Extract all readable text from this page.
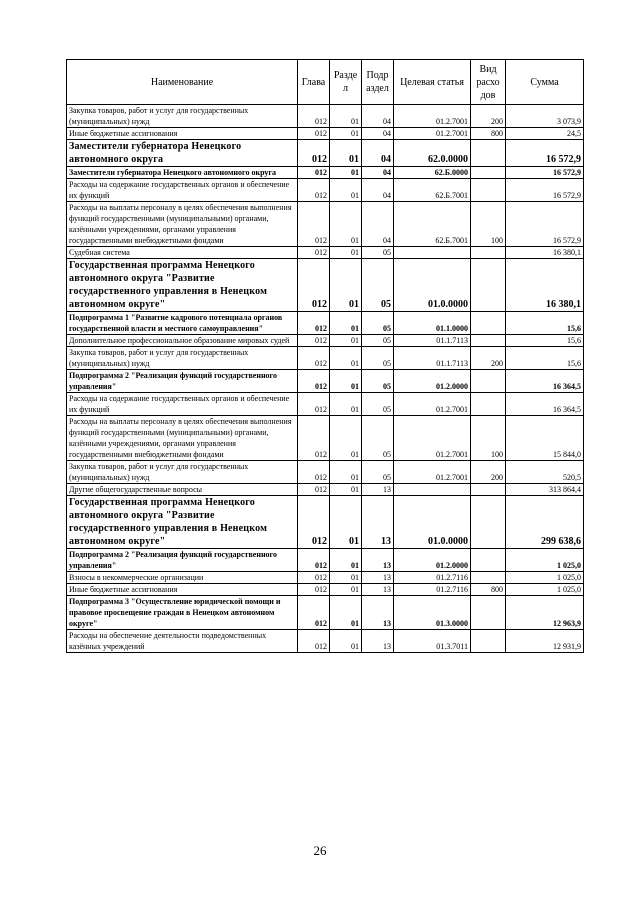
Наименование	Глава	Разде л	Подр аздел	Целевая статья	Вид расхо дов	Сумма
Закупка товаров, работ и услуг для государственных (муниципальных) нужд	012	01	04	01.2.7001	200	3 073,9
Иные бюджетные ассигнования	012	01	04	01.2.7001	800	24,5
Заместители губернатора Ненецкого автономного округа	012	01	04	62.0.0000		16 572,9
Заместители губернатора Ненецкого автономного округа	012	01	04	62.Б.0000		16 572,9
Расходы на содержание государственных органов и обеспечение их функций	012	01	04	62.Б.7001		16 572,9
Расходы на выплаты персоналу в целях обеспечения выполнения функций государственными (муниципальными) органами, казёнными учреждениями, органами управления государственными внебюджетными фондами	012	01	04	62.Б.7001	100	16 572,9
Судебная система	012	01	05			16 380,1
Государственная программа Ненецкого автономного округа "Развитие государственного управления в Ненецком автономном округе"	012	01	05	01.0.0000		16 380,1
Подпрограмма 1 "Развитие кадрового потенциала органов государственной власти и местного самоуправления"	012	01	05	01.1.0000		15,6
Дополнительное профессиональное образование мировых судей	012	01	05	01.1.7113		15,6
Закупка товаров, работ и услуг для государственных (муниципальных) нужд	012	01	05	01.1.7113	200	15,6
Подпрограмма 2 "Реализация функций государственного управления"	012	01	05	01.2.0000		16 364,5
Расходы на содержание государственных органов и обеспечение их функций	012	01	05	01.2.7001		16 364,5
Расходы на выплаты персоналу в целях обеспечения выполнения функций государственными (муниципальными) органами, казёнными учреждениями, органами управления государственными внебюджетными фондами	012	01	05	01.2.7001	100	15 844,0
Закупка товаров, работ и услуг для государственных (муниципальных) нужд	012	01	05	01.2.7001	200	520,5
Другие общегосударственные вопросы	012	01	13			313 864,4
Государственная программа Ненецкого автономного округа "Развитие государственного управления в Ненецком автономном округе"	012	01	13	01.0.0000		299 638,6
Подпрограмма 2 "Реализация функций государственного управления"	012	01	13	01.2.0000		1 025,0
Взносы в некоммерческие организации	012	01	13	01.2.7116		1 025,0
Иные бюджетные ассигнования	012	01	13	01.2.7116	800	1 025,0
Подпрограмма 3 "Осуществление юридической помощи и правовое просвещение граждан в Ненецком автономном округе"	012	01	13	01.3.0000		12 963,9
Расходы на обеспечение деятельности подведомственных казённых учреждений	012	01	13	01.3.7011		12 931,9
26
